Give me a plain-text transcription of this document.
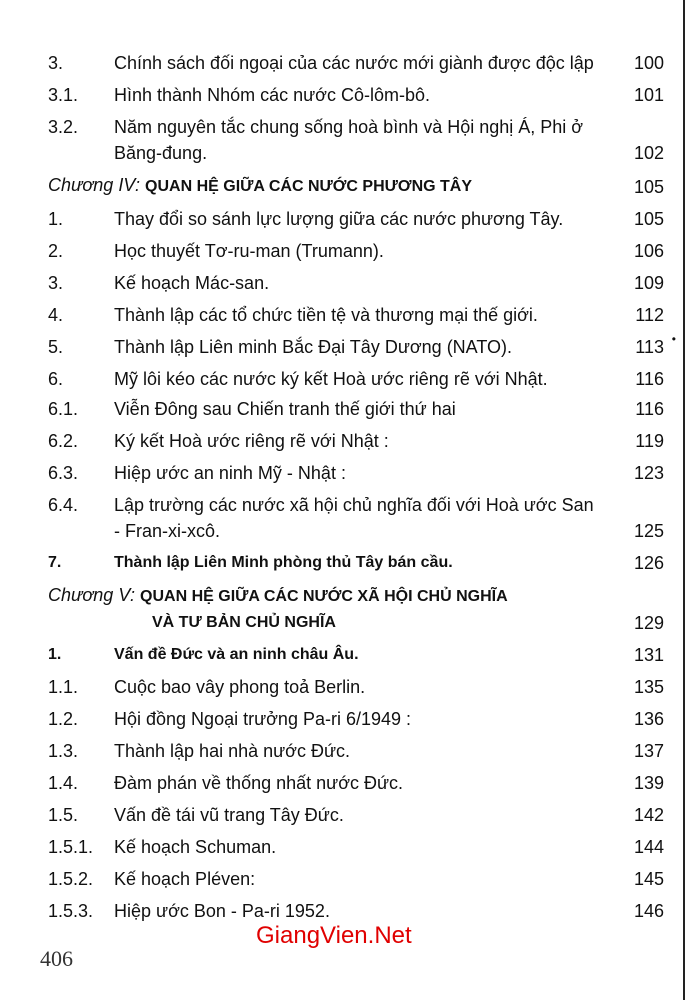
3.	Chính sách đối ngoại của các nước mới giành được độc lập	100
3.1.	Hình thành Nhóm các nước Cô-lôm-bô.	101
3.2.	Năm nguyên tắc chung sống hoà bình và Hội nghị Á, Phi ở Băng-đung.	102
Chương IV: QUAN HỆ GIỮA CÁC NƯỚC PHƯƠNG TÂY	105
1.	Thay đổi so sánh lực lượng giữa các nước phương Tây.	105
2.	Học thuyết Tơ-ru-man (Trumann).	106
3.	Kế hoạch Mác-san.	109
4.	Thành lập các tổ chức tiền tệ và thương mại thế giới.	112
5.	Thành lập Liên minh Bắc Đại Tây Dương (NATO).	113 •
6.	Mỹ lôi kéo các nước ký kết Hoà ước riêng rẽ với Nhật.	116
6.1.	Viễn Đông sau Chiến tranh thế giới thứ hai	116
6.2.	Ký kết Hoà ước riêng rẽ với Nhật :	119
6.3.	Hiệp ước an ninh Mỹ - Nhật :	123
6.4.	Lập trường các nước xã hội chủ nghĩa đối với Hoà ước San - Fran-xi-xcô.	125
7.	Thành lập Liên Minh phòng thủ Tây bán cầu.	126
Chương V: QUAN HỆ GIỮA CÁC NƯỚC XÃ HỘI CHỦ NGHĨA
VÀ TƯ BẢN CHỦ NGHĨA	129
1.	Vấn đề Đức và an ninh châu Âu.	131
1.1.	Cuộc bao vây phong toả Berlin.	135
1.2.	Hội đồng Ngoại trưởng Pa-ri 6/1949 :	136
1.3.	Thành lập hai nhà nước Đức.	137
1.4.	Đàm phán về thống nhất nước Đức.	139
1.5.	Vấn đề tái vũ trang Tây Đức.	142
1.5.1.	Kế hoạch Schuman.	144
1.5.2.	Kế hoạch Pléven:	145
1.5.3.	Hiệp ước Bon - Pa-ri 1952.	146
GiangVien.Net
406
